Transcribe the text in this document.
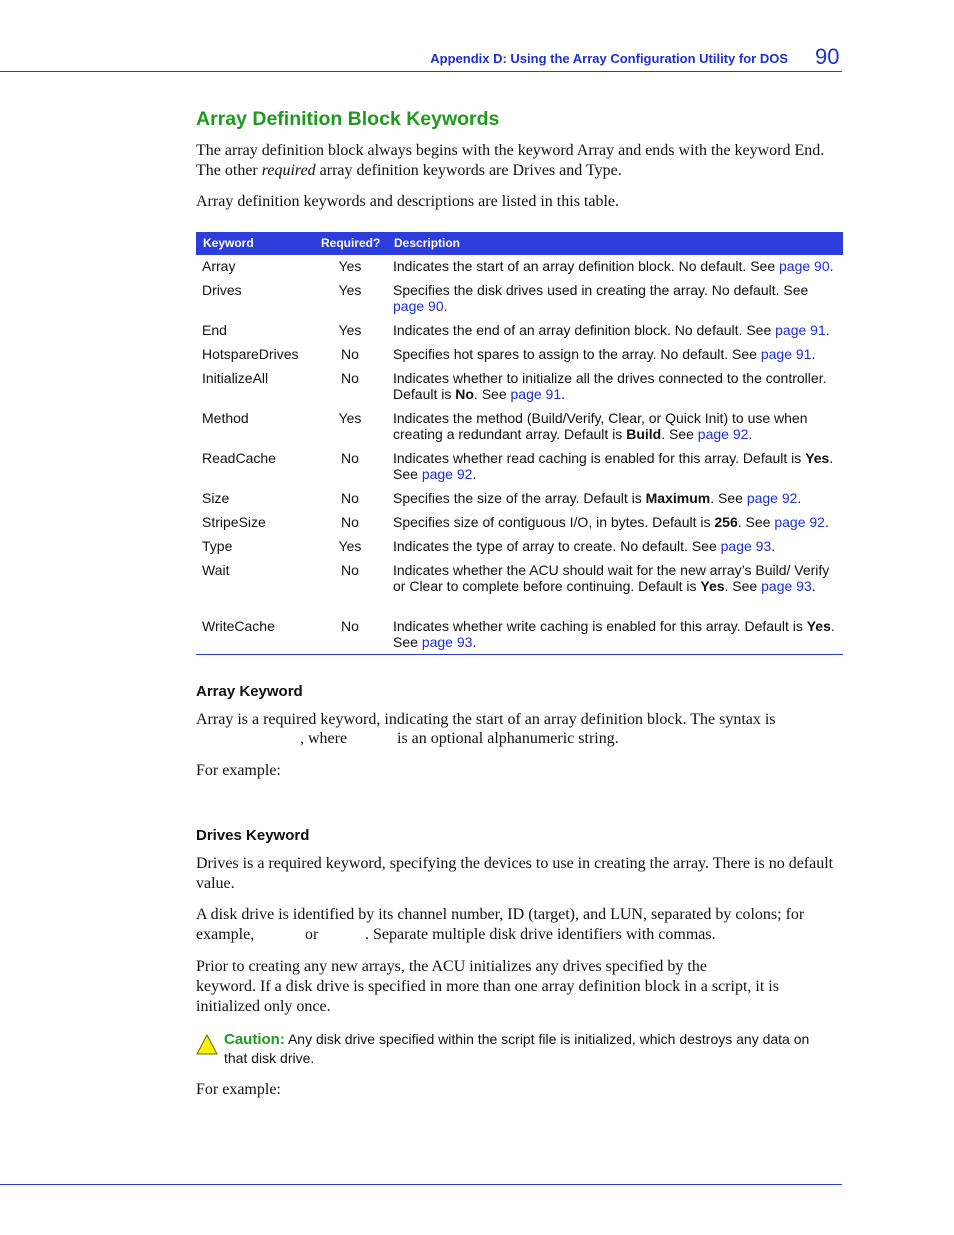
Appendix D: Using the Array Configuration Utility for DOS 90
Array Definition Block Keywords
The array definition block always begins with the keyword Array and ends with the keyword End. The other required array definition keywords are Drives and Type.
Array definition keywords and descriptions are listed in this table.
Keyword	Required? Description
Array	Yes	Indicates the start of an array definition block. No default. See page 90.
Drives	Yes	Specifies the disk drives used in creating the array. No default. See page 90.
End	Yes	Indicates the end of an array definition block. No default. See page 91.
HotspareDrives	No	Specifies hot spares to assign to the array. No default. See page 91.
InitializeAll	No	Indicates whether to initialize all the drives connected to the controller. Default is No. See page 91.
Method	Yes	Indicates the method (Build/Verify, Clear, or Quick Init) to use when creating a redundant array. Default is Build. See page 92.
ReadCache	No	Indicates whether read caching is enabled for this array. Default is Yes. See page 92.
Size	No	Specifies the size of the array. Default is Maximum. See page 92.
StripeSize	No	Specifies size of contiguous I/O, in bytes. Default is 256. See page 92.
Type	Yes	Indicates the type of array to create. No default. See page 93.
Wait	No	Indicates whether the ACU should wait for the new array’s Build/ Verify or Clear to complete before continuing. Default is Yes. See page 93.
WriteCache	No	Indicates whether write caching is enabled for this array. Default is Yes. See page 93.
Array Keyword
Array is a required keyword, indicating the start of an array definition block. The syntax is
, where	is an optional alphanumeric string.
For example:
Drives Keyword
Drives is a required keyword, specifying the devices to use in creating the array. There is no default value.
A disk drive is identified by its channel number, ID (target), and LUN, separated by colons; for
example,	or	. Separate multiple disk drive identifiers with commas.
Prior to creating any new arrays, the ACU initializes any drives specified by the
keyword. If a disk drive is specified in more than one array definition block in a script, it is initialized only once.
Caution: Any disk drive specified within the script file is initialized, which destroys any data on that disk drive.
For example:
